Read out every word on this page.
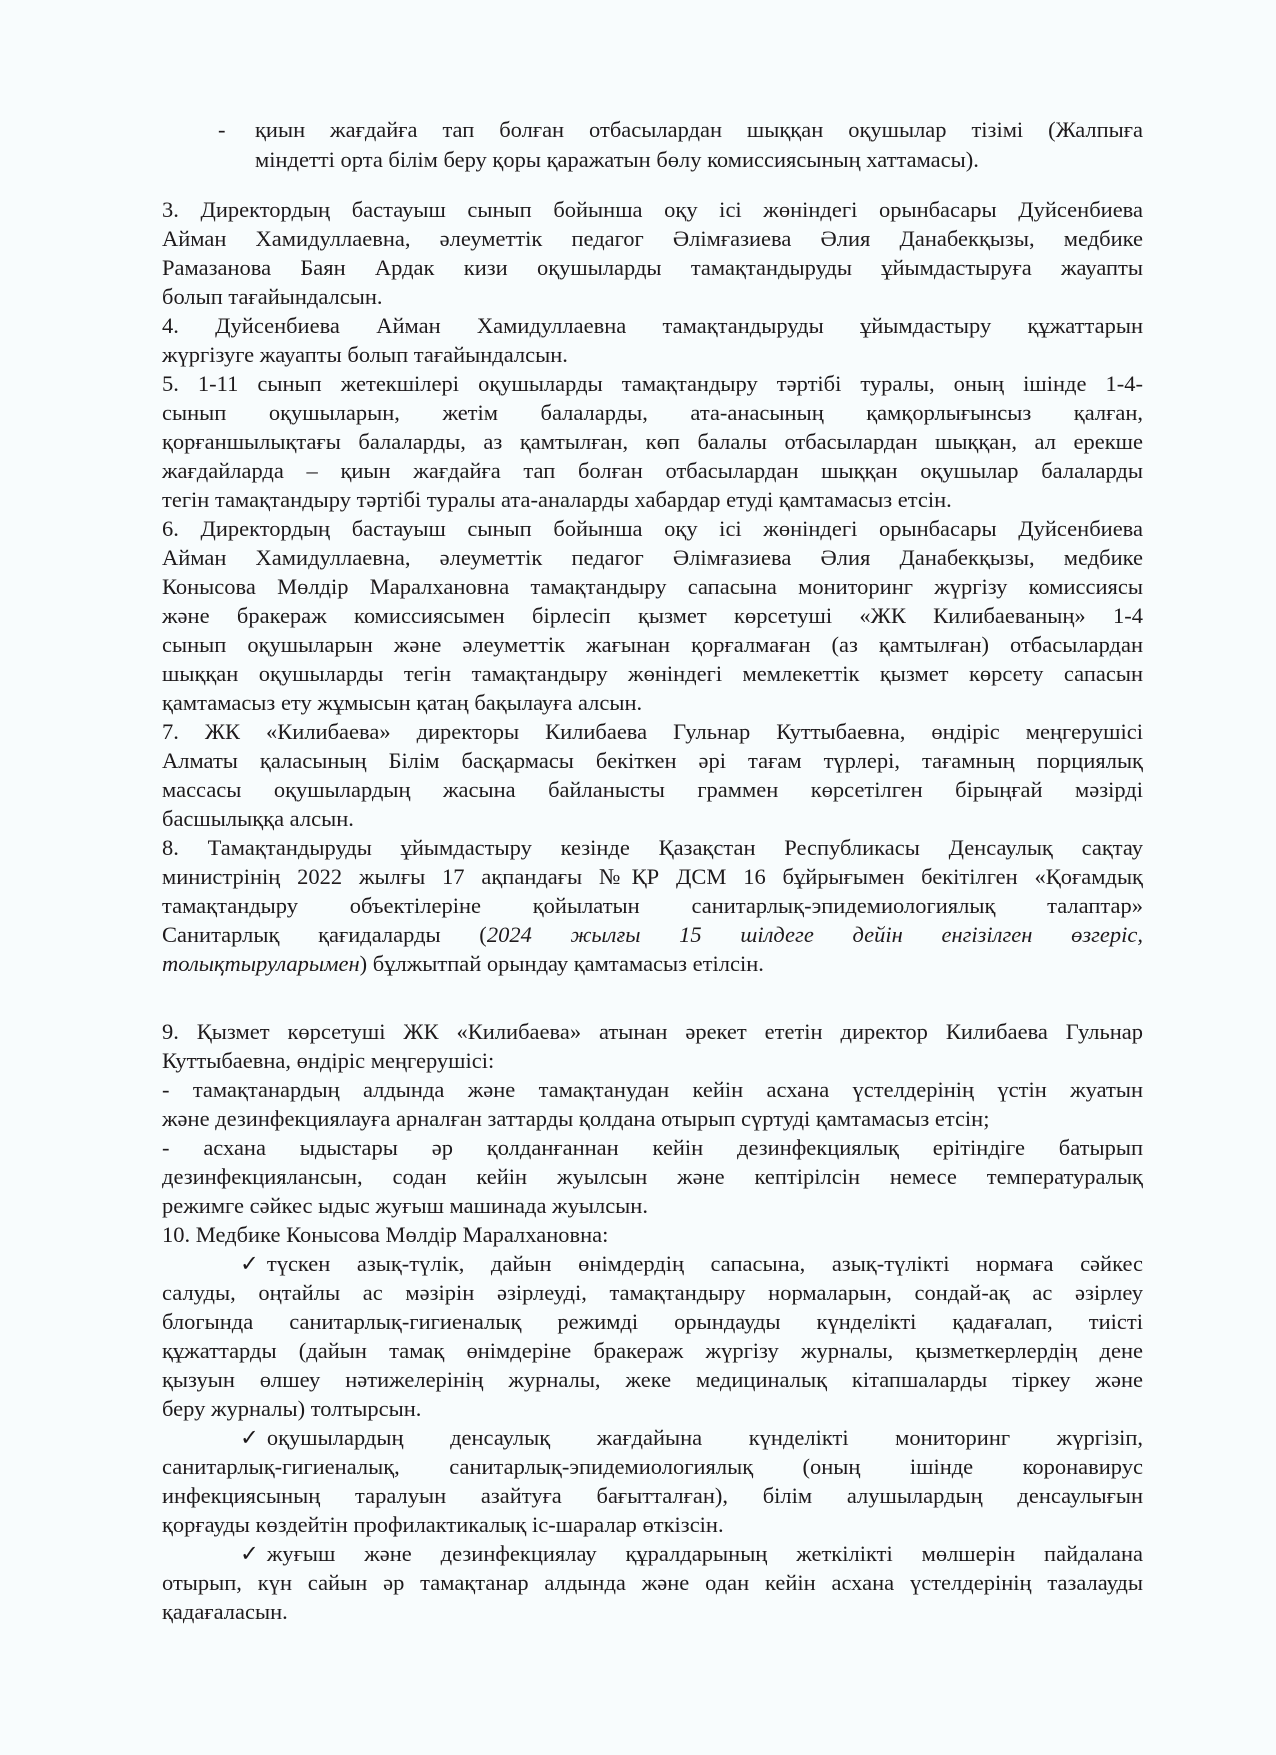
- қиын жағдайға тап болған отбасылардан шыққан оқушылар тізімі (Жалпыға
міндетті орта білім беру қоры қаражатын бөлу комиссиясының хаттамасы).
3. Директордың бастауыш сынып бойынша оқу ісі жөніндегі орынбасары Дуйсенбиева
Айман Хамидуллаевна, әлеуметтік педагог Әлімғазиева Әлия Данабекқызы, медбике
Рамазанова Баян Ардак кизи оқушыларды тамақтандыруды ұйымдастыруға жауапты
болып тағайындалсын.
4. Дуйсенбиева Айман Хамидуллаевна тамақтандыруды ұйымдастыру құжаттарын
жүргізуге жауапты болып тағайындалсын.
5. 1-11 сынып жетекшілері оқушыларды тамақтандыру тәртібі туралы, оның ішінде 1-4-
сынып оқушыларын, жетім балаларды, ата-анасының қамқорлығынсыз қалған,
қорғаншылықтағы балаларды, аз қамтылған, көп балалы отбасылардан шыққан, ал ерекше
жағдайларда – қиын жағдайға тап болған отбасылардан шыққан оқушылар балаларды
тегін тамақтандыру тәртібі туралы ата-аналарды хабардар етуді қамтамасыз етсін.
6. Директордың бастауыш сынып бойынша оқу ісі жөніндегі орынбасары Дуйсенбиева
Айман Хамидуллаевна, әлеуметтік педагог Әлімғазиева Әлия Данабекқызы, медбике
Конысова Мөлдір Маралхановна тамақтандыру сапасына мониторинг жүргізу комиссиясы
және бракераж комиссиясымен бірлесіп қызмет көрсетуші «ЖК Килибаеваның» 1-4
сынып оқушыларын және әлеуметтік жағынан қорғалмаған (аз қамтылған) отбасылардан
шыққан оқушыларды тегін тамақтандыру жөніндегі мемлекеттік қызмет көрсету сапасын
қамтамасыз ету жұмысын қатаң бақылауға алсын.
7. ЖК «Килибаева» директоры Килибаева Гульнар Куттыбаевна, өндіріс меңгерушісі
Алматы қаласының Білім басқармасы бекіткен әрі тағам түрлері, тағамның порциялық
массасы оқушылардың жасына байланысты граммен көрсетілген бірыңғай мәзірді
басшылыққа алсын.
8. Тамақтандыруды ұйымдастыру кезінде Қазақстан Республикасы Денсаулық сақтау
министрінің 2022 жылғы 17 ақпандағы №ҚР ДСМ 16 бұйрығымен бекітілген «Қоғамдық
тамақтандыру объектілеріне қойылатын санитарлық-эпидемиологиялық талаптар»
Санитарлық қағидаларды (2024 жылғы 15 шілдеге дейін енгізілген өзгеріс,
толықтыруларымен) бұлжытпай орындау қамтамасыз етілсін.
9. Қызмет көрсетуші ЖК «Килибаева» атынан әрекет ететін директор Килибаева Гульнар
Куттыбаевна, өндіріс меңгерушісі:
- тамақтанардың алдында және тамақтанудан кейін асхана үстелдерінің үстін жуатын
және дезинфекциялауға арналған заттарды қолдана отырып сүртуді қамтамасыз етсін;
- асхана ыдыстары әр қолданғаннан кейін дезинфекциялық ерітіндіге батырып
дезинфекциялансын, содан кейін жуылсын және кептірілсін немесе температуралық
режимге сәйкес ыдыс жуғыш машинада жуылсын.
10. Медбике Конысова Мөлдір Маралхановна:
✓ түскен азық-түлік, дайын өнімдердің сапасына, азық-түлікті нормаға сәйкес
салуды, оңтайлы ас мәзірін әзірлеуді, тамақтандыру нормаларын, сондай-ақ ас әзірлеу
блогында санитарлық-гигиеналық режимді орындауды күнделікті қадағалап, тиісті
құжаттарды (дайын тамақ өнімдеріне бракераж жүргізу журналы, қызметкерлердің дене
қызуын өлшеу нәтижелерінің журналы, жеке медициналық кітапшаларды тіркеу және
беру журналы) толтырсын.
✓ оқушылардың денсаулық жағдайына күнделікті мониторинг жүргізіп,
санитарлық-гигиеналық, санитарлық-эпидемиологиялық (оның ішінде коронавирус
инфекциясының таралуын азайтуға бағытталған), білім алушылардың денсаулығын
қорғауды көздейтін профилактикалық іс-шаралар өткізсін.
✓ жуғыш және дезинфекциялау құралдарының жеткілікті мөлшерін пайдалана
отырып, күн сайын әр тамақтанар алдында және одан кейін асхана үстелдерінің тазалауды
қадағаласын.
